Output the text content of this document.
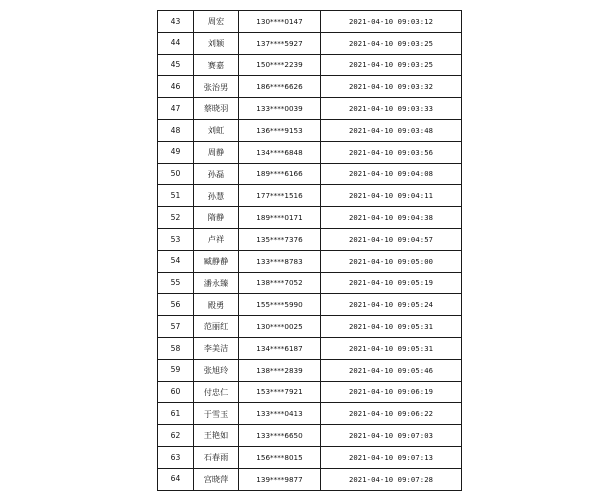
43	周宏	130****0147	2021-04-10 09:03:12
44	刘颖	137****5927	2021-04-10 09:03:25
45	赛嘉	150****2239	2021-04-10 09:03:25
46	张治男	186****6626	2021-04-10 09:03:32
47	蔡晓羽	133****0039	2021-04-10 09:03:33
48	刘虹	136****9153	2021-04-10 09:03:48
49	周静	134****6848	2021-04-10 09:03:56
50	孙磊	189****6166	2021-04-10 09:04:08
51	孙慧	177****1516	2021-04-10 09:04:11
52	隋静	189****0171	2021-04-10 09:04:38
53	卢祥	135****7376	2021-04-10 09:04:57
54	臧静静	133****8783	2021-04-10 09:05:00
55	潘永臻	138****7052	2021-04-10 09:05:19
56	殿勇	155****5990	2021-04-10 09:05:24
57	范丽红	130****0025	2021-04-10 09:05:31
58	李美洁	134****6187	2021-04-10 09:05:31
59	张旭玲	138****2839	2021-04-10 09:05:46
60	付忠仁	153****7921	2021-04-10 09:06:19
61	于雪玉	133****0413	2021-04-10 09:06:22
62	王艳如	133****6650	2021-04-10 09:07:03
63	石春雨	156****8015	2021-04-10 09:07:13
64	宫晓萍	139****9877	2021-04-10 09:07:28
